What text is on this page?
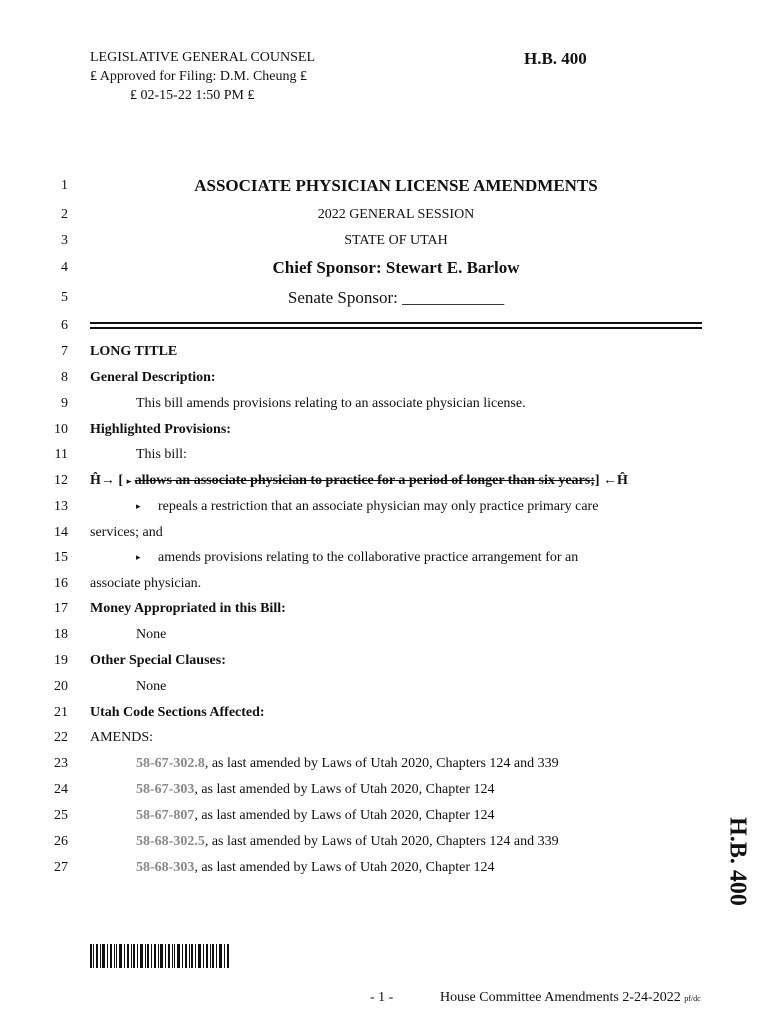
LEGISLATIVE GENERAL COUNSEL
₤ Approved for Filing: D.M. Cheung ₤
₤ 02-15-22 1:50 PM ₤
H.B. 400
1
2
3
4
5
6
7
8
9
10
11
12
13
14
15
16
17
18
19
20
21
22
23
24
25
26
27
ASSOCIATE PHYSICIAN LICENSE AMENDMENTS
2022 GENERAL SESSION
STATE OF UTAH
Chief Sponsor: Stewart E. Barlow
Senate Sponsor: ____________
LONG TITLE
General Description:
This bill amends provisions relating to an associate physician license.
Highlighted Provisions:
This bill:
Ĥ→ [ ▸ allows an associate physician to practice for a period of longer than six years;] ←Ĥ
▸ repeals a restriction that an associate physician may only practice primary care
services; and
▸ amends provisions relating to the collaborative practice arrangement for an
associate physician.
Money Appropriated in this Bill:
None
Other Special Clauses:
None
Utah Code Sections Affected:
AMENDS:
58-67-302.8, as last amended by Laws of Utah 2020, Chapters 124 and 339
58-67-303, as last amended by Laws of Utah 2020, Chapter 124
58-67-807, as last amended by Laws of Utah 2020, Chapter 124
58-68-302.5, as last amended by Laws of Utah 2020, Chapters 124 and 339
58-68-303, as last amended by Laws of Utah 2020, Chapter 124	H.B. 400
- 1 -	House Committee Amendments 2-24-2022 pf/dc
